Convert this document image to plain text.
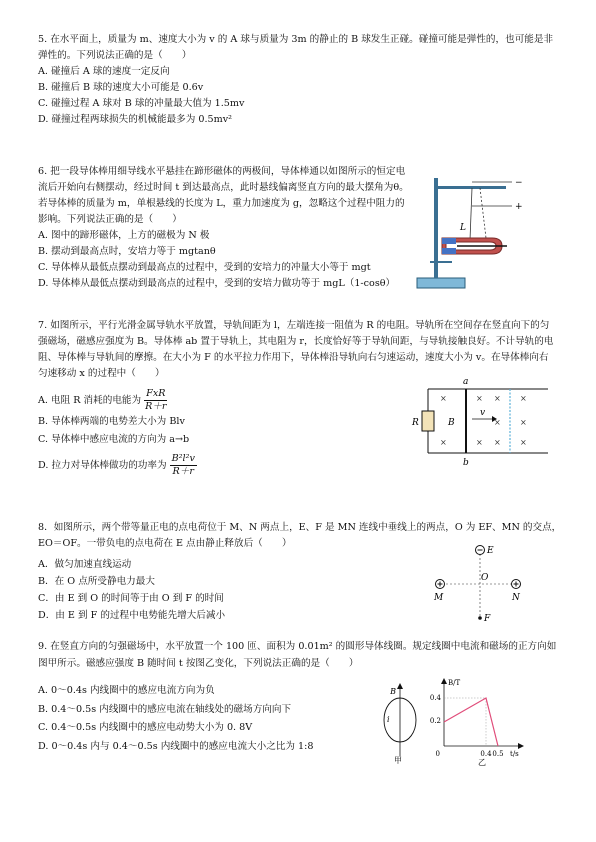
5. 在水平面上，质量为 m、速度大小为 v 的 A 球与质量为 3m 的静止的 B 球发生正碰。碰撞可能是弹性的，也可能是非弹性的。下列说法正确的是（　　）

A. 碰撞后 A 球的速度一定反向

B. 碰撞后 B 球的速度大小可能是 0.6v

C. 碰撞过程 A 球对 B 球的冲量最大值为 1.5mv

D. 碰撞过程两球损失的机械能最多为 0.5mv²

6. 把一段导体棒用细导线水平悬挂在蹄形磁体的两极间，导体棒通以如图所示的恒定电流后开始向右侧摆动，经过时间 t 到达最高点，此时悬线偏离竖直方向的最大摆角为θ。若导体棒的质量为 m，单根悬线的长度为 L，重力加速度为 g，忽略这个过程中阻力的影响。下列说法正确的是（　　）

A. 图中的蹄形磁体，上方的磁极为 N 极

B. 摆动到最高点时，安培力等于 mgtanθ

C. 导体棒从最低点摆动到最高点的过程中，受到的安培力的冲量大小等于 mgt

D. 导体棒从最低点摆动到最高点的过程中，受到的安培力做功等于 mgL（1-cosθ）

−
+
L

7. 如图所示，平行光滑金属导轨水平放置，导轨间距为 l，左端连接一阻值为 R 的电阻。导轨所在空间存在竖直向下的匀强磁场，磁感应强度为 B。导体棒 ab 置于导轨上，其电阻为 r，长度恰好等于导轨间距，与导轨接触良好。不计导轨的电阻、导体棒与导轨间的摩擦。在大小为 F 的水平拉力作用下，导体棒沿导轨向右匀速运动，速度大小为 v。在导体棒向右匀速移动 x 的过程中（　　）

A. 电阻 R 消耗的电能为 $\frac{\text{FxR}}{R+r}$

B. 导体棒两端的电势差大小为 Blv

C. 导体棒中感应电流的方向为 a→b

D. 拉力对导体棒做功的功率为 $\frac{\text{B²l²v}}{R+r}$

R
a
b
v
B
×
×
× ×
× ×
×
×
×
×

8．如图所示，两个带等量正电的点电荷位于 M、N 两点上，E、F 是 MN 连线中垂线上的两点，O 为 EF、MN 的交点，EO＝OF。一带负电的点电荷在 E 点由静止释放后（　　）

A．做匀加速直线运动

B．在 O 点所受静电力最大

C．由 E 到 O 的时间等于由 O 到 F 的时间

D．由 E 到 F 的过程中电势能先增大后减小

E
O
F
M	N

9. 在竖直方向的匀强磁场中，水平放置一个 100 匝、面积为 0.01m² 的圆形导体线圈。规定线圈中电流和磁场的正方向如图甲所示。磁感应强度 B 随时间 t 按图乙变化，下列说法正确的是（　　）

A. 0～0.4s 内线圈中的感应电流方向为负

B. 0.4～0.5s 内线圈中的感应电流在轴线处的磁场方向向下

C. 0.4～0.5s 内线圈中的感应电动势大小为 0. 8V

D. 0～0.4s 内与 0.4～0.5s 内线圈中的感应电流大小之比为 1:8

B
i
甲
B/T
t/s
0
0.4
0.2
0.4 0.5
乙
